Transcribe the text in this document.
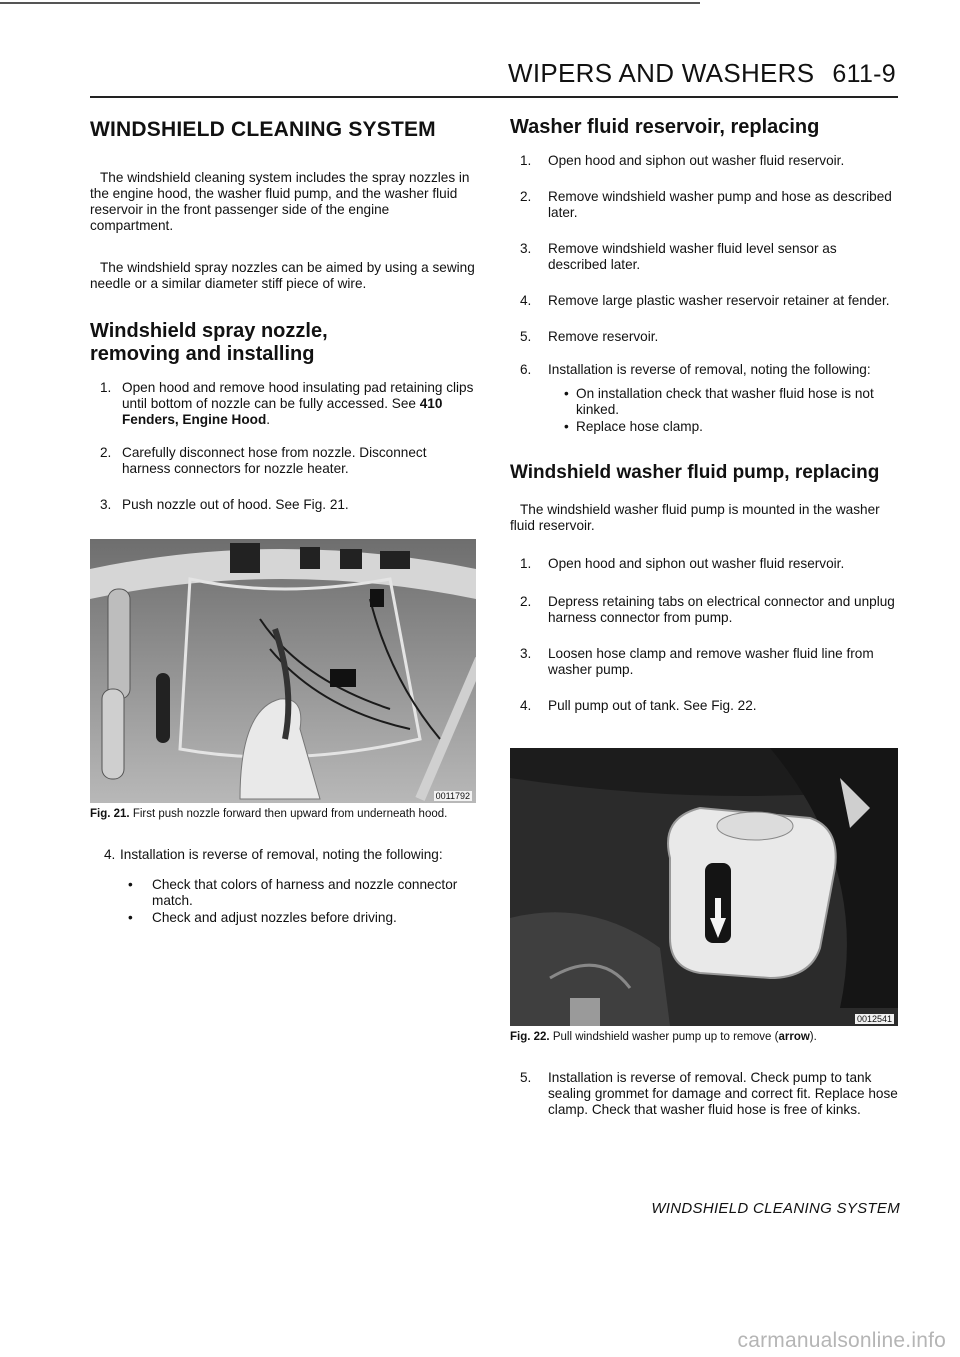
WIPERS AND WASHERS 611-9
WINDSHIELD CLEANING SYSTEM

The windshield cleaning system includes the spray nozzles in the engine hood, the washer fluid pump, and the washer fluid reservoir in the front passenger side of the engine compartment.

The windshield spray nozzles can be aimed by using a sewing needle or a similar diameter stiff piece of wire.

Windshield spray nozzle, removing and installing
1. Open hood and remove hood insulating pad retaining clips until bottom of nozzle can be fully accessed. See 410 Fenders, Engine Hood.
2. Carefully disconnect hose from nozzle. Disconnect harness connectors for nozzle heater.
3. Push nozzle out of hood. See Fig. 21.
0011792
Fig. 21. First push nozzle forward then upward from underneath hood.
4. Installation is reverse of removal, noting the following:
• Check that colors of harness and nozzle connector match.
• Check and adjust nozzles before driving.
Washer fluid reservoir, replacing
1. Open hood and siphon out washer fluid reservoir.
2. Remove windshield washer pump and hose as described later.
3. Remove windshield washer fluid level sensor as described later.
4. Remove large plastic washer reservoir retainer at fender.
5. Remove reservoir.
6. Installation is reverse of removal, noting the following:
• On installation check that washer fluid hose is not kinked.
• Replace hose clamp.
Windshield washer fluid pump, replacing

The windshield washer fluid pump is mounted in the washer fluid reservoir.

1. Open hood and siphon out washer fluid reservoir.
2. Depress retaining tabs on electrical connector and unplug harness connector from pump.
3. Loosen hose clamp and remove washer fluid line from washer pump.
4. Pull pump out of tank. See Fig. 22.
0012541
Fig. 22. Pull windshield washer pump up to remove (arrow).
5. Installation is reverse of removal. Check pump to tank sealing grommet for damage and correct fit. Replace hose clamp. Check that washer fluid hose is free of kinks.
WINDSHIELD CLEANING SYSTEM
carmanualsonline.info
